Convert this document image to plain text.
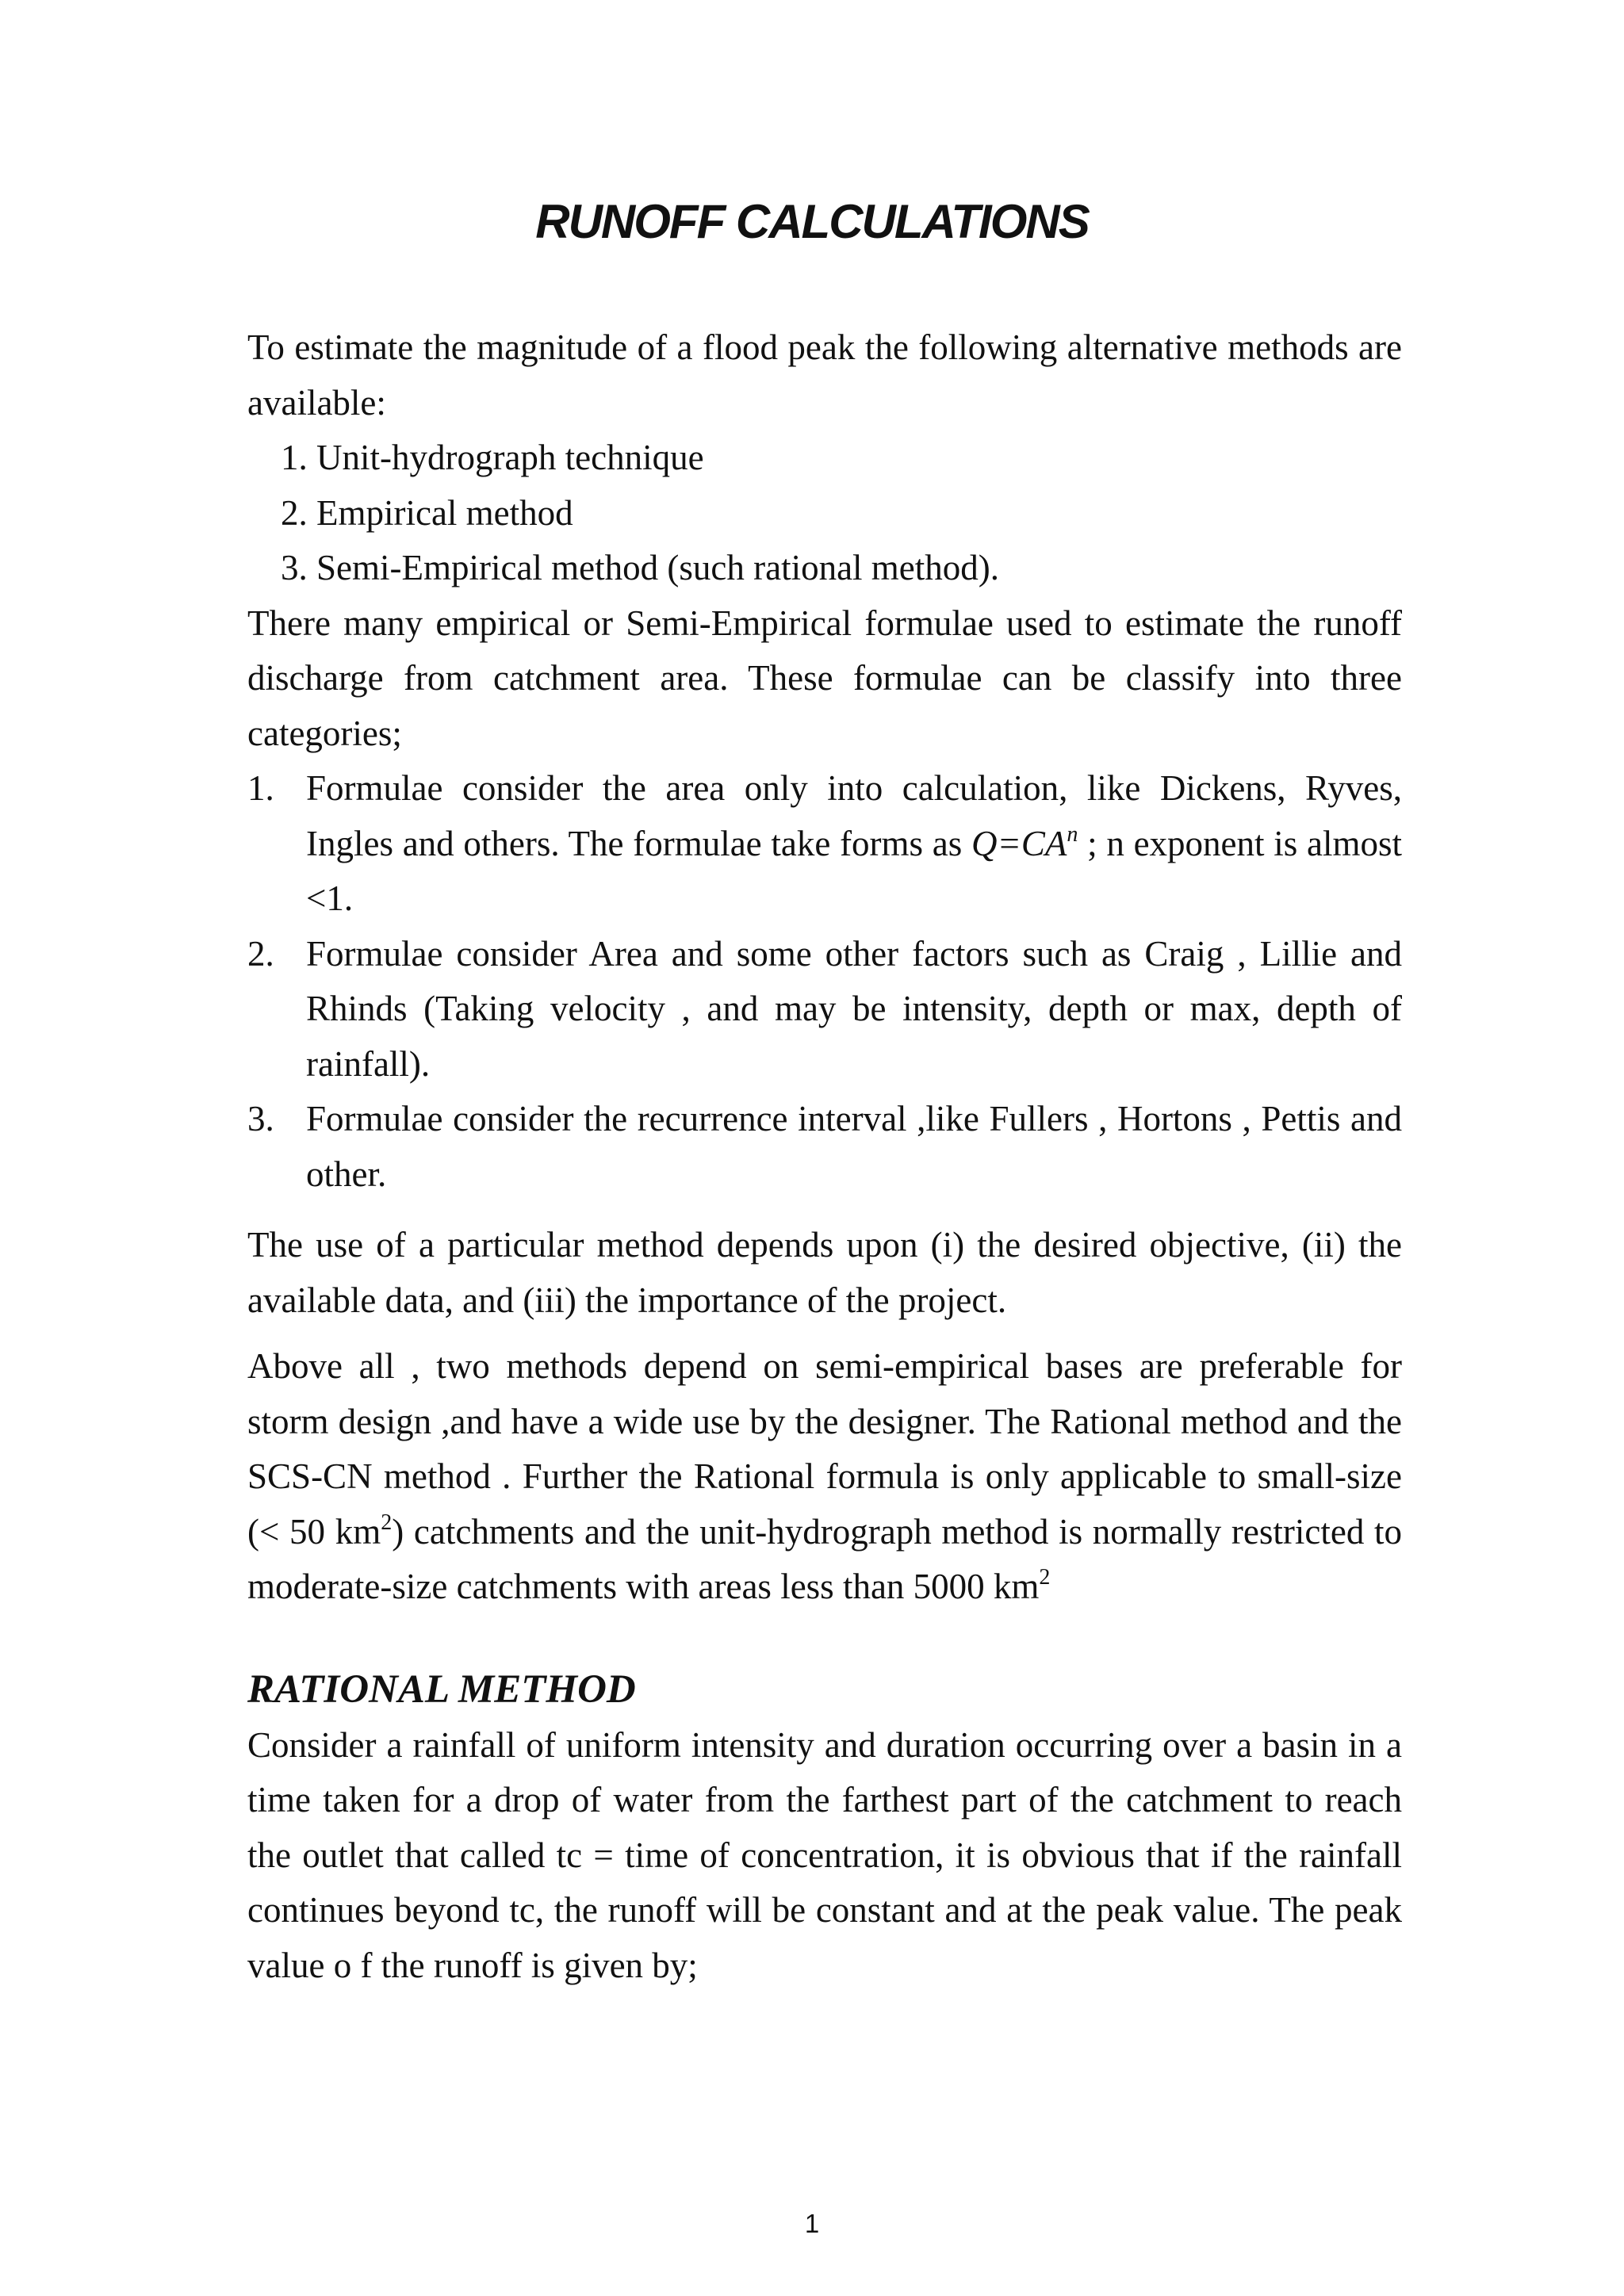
RUNOFF CALCULATIONS

To estimate the magnitude of a flood peak the following alternative methods are available:

1. Unit-hydrograph technique
2. Empirical method
3. Semi-Empirical method (such rational method).

There many empirical or Semi-Empirical formulae used to estimate the runoff discharge from catchment area. These formulae can be classify into three categories;

1. Formulae consider the area only into calculation, like Dickens, Ryves, Ingles and others. The formulae take forms as $Q=CA^n$ ; n exponent is almost <1.
2. Formulae consider Area and some other factors such as Craig , Lillie and Rhinds (Taking velocity , and may be intensity, depth or max, depth of rainfall).
3. Formulae consider the recurrence interval ,like Fullers , Hortons , Pettis and other.

The use of a particular method depends upon (i) the desired objective, (ii) the available data, and (iii) the importance of the project.

Above all , two methods depend on semi-empirical bases are preferable for storm design ,and have a wide use by the designer. The Rational method and the SCS-CN method . Further the Rational formula is only applicable to small-size (< 50 $km^2$) catchments and the unit-hydrograph method is normally restricted to moderate-size catchments with areas less than 5000 $km^2$

RATIONAL METHOD

Consider a rainfall of uniform intensity and duration occurring over a basin in a time taken for a drop of water from the farthest part of the catchment to reach the outlet that called tc = time of concentration, it is obvious that if the rainfall continues beyond tc, the runoff will be constant and at the peak value. The peak value o f the runoff is given by;

1
